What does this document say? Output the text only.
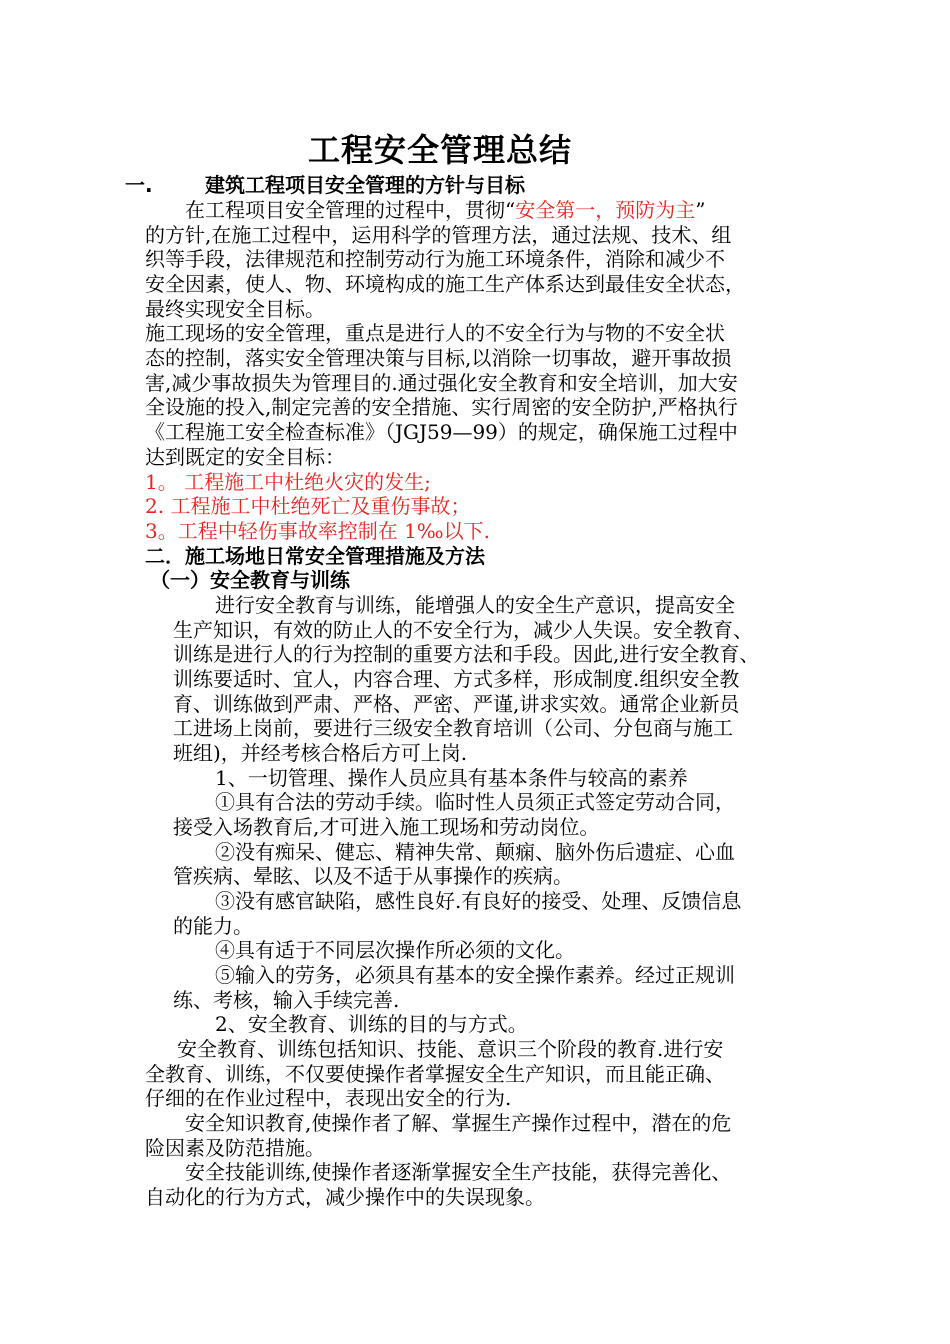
工程安全管理总结
一.	建筑工程项目安全管理的方针与目标
在工程项目安全管理的过程中，贯彻“安全第一，预防为主”
的方针,在施工过程中，运用科学的管理方法，通过法规、技术、组
织等手段，法律规范和控制劳动行为施工环境条件，消除和减少不
安全因素，使人、物、环境构成的施工生产体系达到最佳安全状态，
最终实现安全目标。
施工现场的安全管理，重点是进行人的不安全行为与物的不安全状
态的控制，落实安全管理决策与目标,以消除一切事故，避开事故损
害,减少事故损失为管理目的.通过强化安全教育和安全培训，加大安
全设施的投入,制定完善的安全措施、实行周密的安全防护,严格执行
《工程施工安全检查标准》（JGJ59—99）的规定，确保施工过程中
达到既定的安全目标：
1。 工程施工中杜绝火灾的发生;
2. 工程施工中杜绝死亡及重伤事故；
3。工程中轻伤事故率控制在 1‰以下.
二．施工场地日常安全管理措施及方法
（一）安全教育与训练
进行安全教育与训练，能增强人的安全生产意识，提高安全
生产知识，有效的防止人的不安全行为，减少人失误。安全教育、
训练是进行人的行为控制的重要方法和手段。因此,进行安全教育、
训练要适时、宜人，内容合理、方式多样，形成制度.组织安全教
育、训练做到严肃、严格、严密、严谨,讲求实效。通常企业新员
工进场上岗前，要进行三级安全教育培训（公司、分包商与施工
班组)，并经考核合格后方可上岗.
1、一切管理、操作人员应具有基本条件与较高的素养
①具有合法的劳动手续。临时性人员须正式签定劳动合同，
接受入场教育后,才可进入施工现场和劳动岗位。
②没有痴呆、健忘、精神失常、颠痫、脑外伤后遗症、心血
管疾病、晕眩、以及不适于从事操作的疾病。
③没有感官缺陷，感性良好.有良好的接受、处理、反馈信息
的能力。
④具有适于不同层次操作所必须的文化。
⑤输入的劳务，必须具有基本的安全操作素养。经过正规训
练、考核，输入手续完善.
2、安全教育、训练的目的与方式。
安全教育、训练包括知识、技能、意识三个阶段的教育.进行安
全教育、训练，不仅要使操作者掌握安全生产知识，而且能正确、
仔细的在作业过程中，表现出安全的行为.
安全知识教育,使操作者了解、掌握生产操作过程中，潜在的危
险因素及防范措施。
安全技能训练,使操作者逐渐掌握安全生产技能，获得完善化、
自动化的行为方式，减少操作中的失误现象。
